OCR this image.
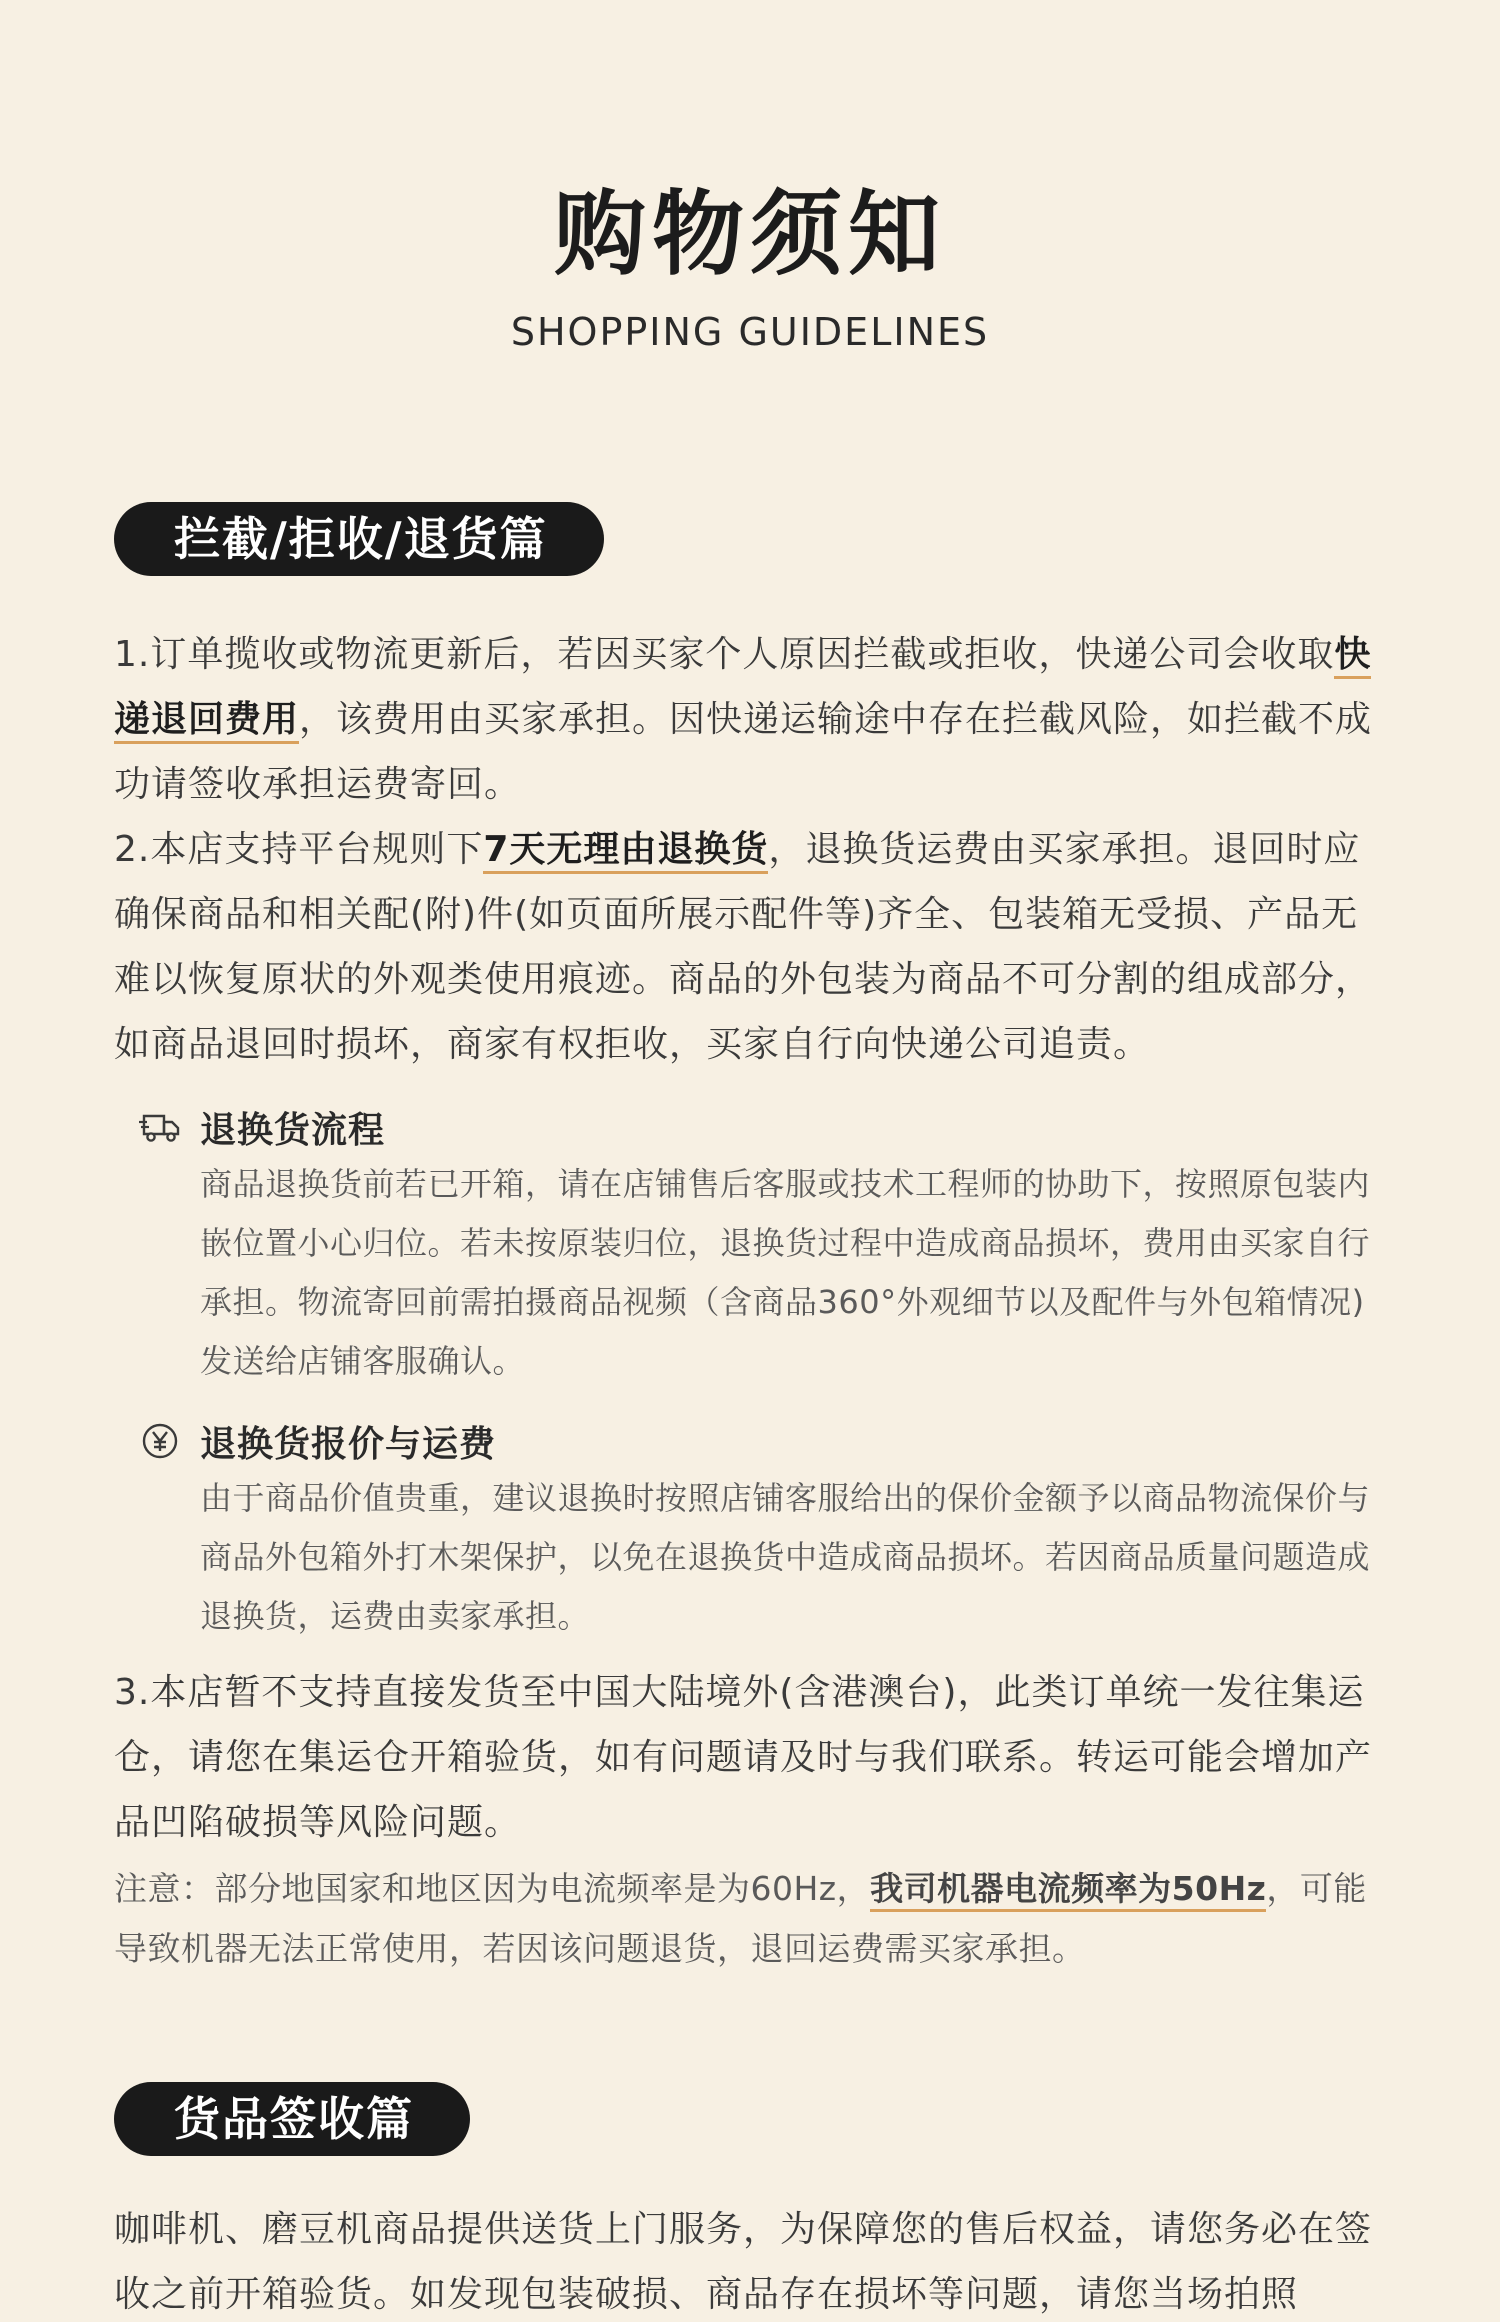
购物须知
SHOPPING GUIDELINES
拦截/拒收/退货篇

1.订单揽收或物流更新后，若因买家个人原因拦截或拒收，快递公司会收取快递退回费用，该费用由买家承担。因快递运输途中存在拦截风险，如拦截不成功请签收承担运费寄回。

2.本店支持平台规则下7天无理由退换货，退换货运费由买家承担。退回时应确保商品和相关配(附)件(如页面所展示配件等)齐全、包装箱无受损、产品无难以恢复原状的外观类使用痕迹。商品的外包装为商品不可分割的组成部分，如商品退回时损坏，商家有权拒收，买家自行向快递公司追责。

退换货流程

商品退换货前若已开箱，请在店铺售后客服或技术工程师的协助下，按照原包装内嵌位置小心归位。若未按原装归位，退换货过程中造成商品损坏，费用由买家自行承担。物流寄回前需拍摄商品视频（含商品360°外观细节以及配件与外包箱情况)发送给店铺客服确认。

退换货报价与运费

由于商品价值贵重，建议退换时按照店铺客服给出的保价金额予以商品物流保价与商品外包箱外打木架保护，以免在退换货中造成商品损坏。若因商品质量问题造成退换货，运费由卖家承担。

3.本店暂不支持直接发货至中国大陆境外(含港澳台)，此类订单统一发往集运仓，请您在集运仓开箱验货，如有问题请及时与我们联系。转运可能会增加产品凹陷破损等风险问题。

注意：部分地国家和地区因为电流频率是为60Hz，我司机器电流频率为50Hz，可能导致机器无法正常使用，若因该问题退货，退回运费需买家承担。

货品签收篇

咖啡机、磨豆机商品提供送货上门服务，为保障您的售后权益，请您务必在签收之前开箱验货。如发现包装破损、商品存在损坏等问题，请您当场拍照
